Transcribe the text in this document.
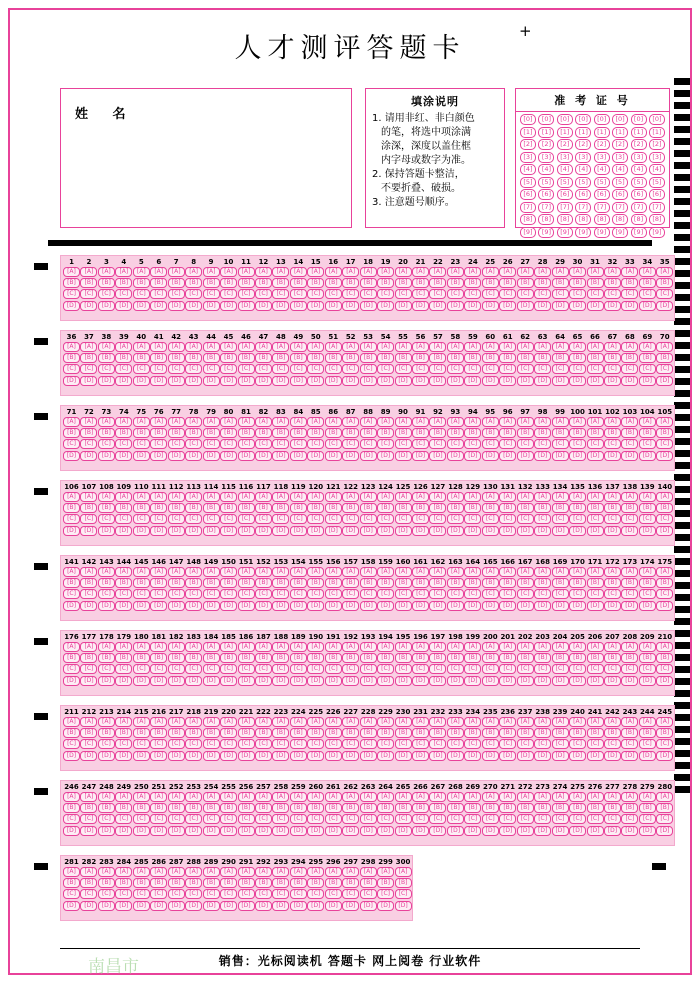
人才测评答题卡
+
姓 名
填涂说明
1. 请用非红、非白颜色
的笔，将选中项涂满
涂深，深度以盖住框
内字母或数字为准。
2. 保持答题卡整洁，
不要折叠、破损。
3. 注意题号顺序。
准 考 证 号
[0]
[1]
[2]
[3]
[4]
[5]
[6]
[7]
[8]
[9]
[0]
[1]
[2]
[3]
[4]
[5]
[6]
[7]
[8]
[9]
[0]
[1]
[2]
[3]
[4]
[5]
[6]
[7]
[8]
[9]
[0]
[1]
[2]
[3]
[4]
[5]
[6]
[7]
[8]
[9]
[0]
[1]
[2]
[3]
[4]
[5]
[6]
[7]
[8]
[9]
[0]
[1]
[2]
[3]
[4]
[5]
[6]
[7]
[8]
[9]
[0]
[1]
[2]
[3]
[4]
[5]
[6]
[7]
[8]
[9]
[0]
[1]
[2]
[3]
[4]
[5]
[6]
[7]
[8]
[9]
1
[A]
[B]
[C]
[D]
2
[A]
[B]
[C]
[D]
3
[A]
[B]
[C]
[D]
4
[A]
[B]
[C]
[D]
5
[A]
[B]
[C]
[D]
6
[A]
[B]
[C]
[D]
7
[A]
[B]
[C]
[D]
8
[A]
[B]
[C]
[D]
9
[A]
[B]
[C]
[D]
10
[A]
[B]
[C]
[D]
11
[A]
[B]
[C]
[D]
12
[A]
[B]
[C]
[D]
13
[A]
[B]
[C]
[D]
14
[A]
[B]
[C]
[D]
15
[A]
[B]
[C]
[D]
16
[A]
[B]
[C]
[D]
17
[A]
[B]
[C]
[D]
18
[A]
[B]
[C]
[D]
19
[A]
[B]
[C]
[D]
20
[A]
[B]
[C]
[D]
21
[A]
[B]
[C]
[D]
22
[A]
[B]
[C]
[D]
23
[A]
[B]
[C]
[D]
24
[A]
[B]
[C]
[D]
25
[A]
[B]
[C]
[D]
26
[A]
[B]
[C]
[D]
27
[A]
[B]
[C]
[D]
28
[A]
[B]
[C]
[D]
29
[A]
[B]
[C]
[D]
30
[A]
[B]
[C]
[D]
31
[A]
[B]
[C]
[D]
32
[A]
[B]
[C]
[D]
33
[A]
[B]
[C]
[D]
34
[A]
[B]
[C]
[D]
35
[A]
[B]
[C]
[D]
36
[A]
[B]
[C]
[D]
37
[A]
[B]
[C]
[D]
38
[A]
[B]
[C]
[D]
39
[A]
[B]
[C]
[D]
40
[A]
[B]
[C]
[D]
41
[A]
[B]
[C]
[D]
42
[A]
[B]
[C]
[D]
43
[A]
[B]
[C]
[D]
44
[A]
[B]
[C]
[D]
45
[A]
[B]
[C]
[D]
46
[A]
[B]
[C]
[D]
47
[A]
[B]
[C]
[D]
48
[A]
[B]
[C]
[D]
49
[A]
[B]
[C]
[D]
50
[A]
[B]
[C]
[D]
51
[A]
[B]
[C]
[D]
52
[A]
[B]
[C]
[D]
53
[A]
[B]
[C]
[D]
54
[A]
[B]
[C]
[D]
55
[A]
[B]
[C]
[D]
56
[A]
[B]
[C]
[D]
57
[A]
[B]
[C]
[D]
58
[A]
[B]
[C]
[D]
59
[A]
[B]
[C]
[D]
60
[A]
[B]
[C]
[D]
61
[A]
[B]
[C]
[D]
62
[A]
[B]
[C]
[D]
63
[A]
[B]
[C]
[D]
64
[A]
[B]
[C]
[D]
65
[A]
[B]
[C]
[D]
66
[A]
[B]
[C]
[D]
67
[A]
[B]
[C]
[D]
68
[A]
[B]
[C]
[D]
69
[A]
[B]
[C]
[D]
70
[A]
[B]
[C]
[D]
71
[A]
[B]
[C]
[D]
72
[A]
[B]
[C]
[D]
73
[A]
[B]
[C]
[D]
74
[A]
[B]
[C]
[D]
75
[A]
[B]
[C]
[D]
76
[A]
[B]
[C]
[D]
77
[A]
[B]
[C]
[D]
78
[A]
[B]
[C]
[D]
79
[A]
[B]
[C]
[D]
80
[A]
[B]
[C]
[D]
81
[A]
[B]
[C]
[D]
82
[A]
[B]
[C]
[D]
83
[A]
[B]
[C]
[D]
84
[A]
[B]
[C]
[D]
85
[A]
[B]
[C]
[D]
86
[A]
[B]
[C]
[D]
87
[A]
[B]
[C]
[D]
88
[A]
[B]
[C]
[D]
89
[A]
[B]
[C]
[D]
90
[A]
[B]
[C]
[D]
91
[A]
[B]
[C]
[D]
92
[A]
[B]
[C]
[D]
93
[A]
[B]
[C]
[D]
94
[A]
[B]
[C]
[D]
95
[A]
[B]
[C]
[D]
96
[A]
[B]
[C]
[D]
97
[A]
[B]
[C]
[D]
98
[A]
[B]
[C]
[D]
99
[A]
[B]
[C]
[D]
100
[A]
[B]
[C]
[D]
101
[A]
[B]
[C]
[D]
102
[A]
[B]
[C]
[D]
103
[A]
[B]
[C]
[D]
104
[A]
[B]
[C]
[D]
105
[A]
[B]
[C]
[D]
106
[A]
[B]
[C]
[D]
107
[A]
[B]
[C]
[D]
108
[A]
[B]
[C]
[D]
109
[A]
[B]
[C]
[D]
110
[A]
[B]
[C]
[D]
111
[A]
[B]
[C]
[D]
112
[A]
[B]
[C]
[D]
113
[A]
[B]
[C]
[D]
114
[A]
[B]
[C]
[D]
115
[A]
[B]
[C]
[D]
116
[A]
[B]
[C]
[D]
117
[A]
[B]
[C]
[D]
118
[A]
[B]
[C]
[D]
119
[A]
[B]
[C]
[D]
120
[A]
[B]
[C]
[D]
121
[A]
[B]
[C]
[D]
122
[A]
[B]
[C]
[D]
123
[A]
[B]
[C]
[D]
124
[A]
[B]
[C]
[D]
125
[A]
[B]
[C]
[D]
126
[A]
[B]
[C]
[D]
127
[A]
[B]
[C]
[D]
128
[A]
[B]
[C]
[D]
129
[A]
[B]
[C]
[D]
130
[A]
[B]
[C]
[D]
131
[A]
[B]
[C]
[D]
132
[A]
[B]
[C]
[D]
133
[A]
[B]
[C]
[D]
134
[A]
[B]
[C]
[D]
135
[A]
[B]
[C]
[D]
136
[A]
[B]
[C]
[D]
137
[A]
[B]
[C]
[D]
138
[A]
[B]
[C]
[D]
139
[A]
[B]
[C]
[D]
140
[A]
[B]
[C]
[D]
141
[A]
[B]
[C]
[D]
142
[A]
[B]
[C]
[D]
143
[A]
[B]
[C]
[D]
144
[A]
[B]
[C]
[D]
145
[A]
[B]
[C]
[D]
146
[A]
[B]
[C]
[D]
147
[A]
[B]
[C]
[D]
148
[A]
[B]
[C]
[D]
149
[A]
[B]
[C]
[D]
150
[A]
[B]
[C]
[D]
151
[A]
[B]
[C]
[D]
152
[A]
[B]
[C]
[D]
153
[A]
[B]
[C]
[D]
154
[A]
[B]
[C]
[D]
155
[A]
[B]
[C]
[D]
156
[A]
[B]
[C]
[D]
157
[A]
[B]
[C]
[D]
158
[A]
[B]
[C]
[D]
159
[A]
[B]
[C]
[D]
160
[A]
[B]
[C]
[D]
161
[A]
[B]
[C]
[D]
162
[A]
[B]
[C]
[D]
163
[A]
[B]
[C]
[D]
164
[A]
[B]
[C]
[D]
165
[A]
[B]
[C]
[D]
166
[A]
[B]
[C]
[D]
167
[A]
[B]
[C]
[D]
168
[A]
[B]
[C]
[D]
169
[A]
[B]
[C]
[D]
170
[A]
[B]
[C]
[D]
171
[A]
[B]
[C]
[D]
172
[A]
[B]
[C]
[D]
173
[A]
[B]
[C]
[D]
174
[A]
[B]
[C]
[D]
175
[A]
[B]
[C]
[D]
176
[A]
[B]
[C]
[D]
177
[A]
[B]
[C]
[D]
178
[A]
[B]
[C]
[D]
179
[A]
[B]
[C]
[D]
180
[A]
[B]
[C]
[D]
181
[A]
[B]
[C]
[D]
182
[A]
[B]
[C]
[D]
183
[A]
[B]
[C]
[D]
184
[A]
[B]
[C]
[D]
185
[A]
[B]
[C]
[D]
186
[A]
[B]
[C]
[D]
187
[A]
[B]
[C]
[D]
188
[A]
[B]
[C]
[D]
189
[A]
[B]
[C]
[D]
190
[A]
[B]
[C]
[D]
191
[A]
[B]
[C]
[D]
192
[A]
[B]
[C]
[D]
193
[A]
[B]
[C]
[D]
194
[A]
[B]
[C]
[D]
195
[A]
[B]
[C]
[D]
196
[A]
[B]
[C]
[D]
197
[A]
[B]
[C]
[D]
198
[A]
[B]
[C]
[D]
199
[A]
[B]
[C]
[D]
200
[A]
[B]
[C]
[D]
201
[A]
[B]
[C]
[D]
202
[A]
[B]
[C]
[D]
203
[A]
[B]
[C]
[D]
204
[A]
[B]
[C]
[D]
205
[A]
[B]
[C]
[D]
206
[A]
[B]
[C]
[D]
207
[A]
[B]
[C]
[D]
208
[A]
[B]
[C]
[D]
209
[A]
[B]
[C]
[D]
210
[A]
[B]
[C]
[D]
211
[A]
[B]
[C]
[D]
212
[A]
[B]
[C]
[D]
213
[A]
[B]
[C]
[D]
214
[A]
[B]
[C]
[D]
215
[A]
[B]
[C]
[D]
216
[A]
[B]
[C]
[D]
217
[A]
[B]
[C]
[D]
218
[A]
[B]
[C]
[D]
219
[A]
[B]
[C]
[D]
220
[A]
[B]
[C]
[D]
221
[A]
[B]
[C]
[D]
222
[A]
[B]
[C]
[D]
223
[A]
[B]
[C]
[D]
224
[A]
[B]
[C]
[D]
225
[A]
[B]
[C]
[D]
226
[A]
[B]
[C]
[D]
227
[A]
[B]
[C]
[D]
228
[A]
[B]
[C]
[D]
229
[A]
[B]
[C]
[D]
230
[A]
[B]
[C]
[D]
231
[A]
[B]
[C]
[D]
232
[A]
[B]
[C]
[D]
233
[A]
[B]
[C]
[D]
234
[A]
[B]
[C]
[D]
235
[A]
[B]
[C]
[D]
236
[A]
[B]
[C]
[D]
237
[A]
[B]
[C]
[D]
238
[A]
[B]
[C]
[D]
239
[A]
[B]
[C]
[D]
240
[A]
[B]
[C]
[D]
241
[A]
[B]
[C]
[D]
242
[A]
[B]
[C]
[D]
243
[A]
[B]
[C]
[D]
244
[A]
[B]
[C]
[D]
245
[A]
[B]
[C]
[D]
246
[A]
[B]
[C]
[D]
247
[A]
[B]
[C]
[D]
248
[A]
[B]
[C]
[D]
249
[A]
[B]
[C]
[D]
250
[A]
[B]
[C]
[D]
251
[A]
[B]
[C]
[D]
252
[A]
[B]
[C]
[D]
253
[A]
[B]
[C]
[D]
254
[A]
[B]
[C]
[D]
255
[A]
[B]
[C]
[D]
256
[A]
[B]
[C]
[D]
257
[A]
[B]
[C]
[D]
258
[A]
[B]
[C]
[D]
259
[A]
[B]
[C]
[D]
260
[A]
[B]
[C]
[D]
261
[A]
[B]
[C]
[D]
262
[A]
[B]
[C]
[D]
263
[A]
[B]
[C]
[D]
264
[A]
[B]
[C]
[D]
265
[A]
[B]
[C]
[D]
266
[A]
[B]
[C]
[D]
267
[A]
[B]
[C]
[D]
268
[A]
[B]
[C]
[D]
269
[A]
[B]
[C]
[D]
270
[A]
[B]
[C]
[D]
271
[A]
[B]
[C]
[D]
272
[A]
[B]
[C]
[D]
273
[A]
[B]
[C]
[D]
274
[A]
[B]
[C]
[D]
275
[A]
[B]
[C]
[D]
276
[A]
[B]
[C]
[D]
277
[A]
[B]
[C]
[D]
278
[A]
[B]
[C]
[D]
279
[A]
[B]
[C]
[D]
280
[A]
[B]
[C]
[D]
281
[A]
[B]
[C]
[D]
282
[A]
[B]
[C]
[D]
283
[A]
[B]
[C]
[D]
284
[A]
[B]
[C]
[D]
285
[A]
[B]
[C]
[D]
286
[A]
[B]
[C]
[D]
287
[A]
[B]
[C]
[D]
288
[A]
[B]
[C]
[D]
289
[A]
[B]
[C]
[D]
290
[A]
[B]
[C]
[D]
291
[A]
[B]
[C]
[D]
292
[A]
[B]
[C]
[D]
293
[A]
[B]
[C]
[D]
294
[A]
[B]
[C]
[D]
295
[A]
[B]
[C]
[D]
296
[A]
[B]
[C]
[D]
297
[A]
[B]
[C]
[D]
298
[A]
[B]
[C]
[D]
299
[A]
[B]
[C]
[D]
300
[A]
[B]
[C]
[D]
南昌市	销售：光标阅读机 答题卡 网上阅卷 行业软件
